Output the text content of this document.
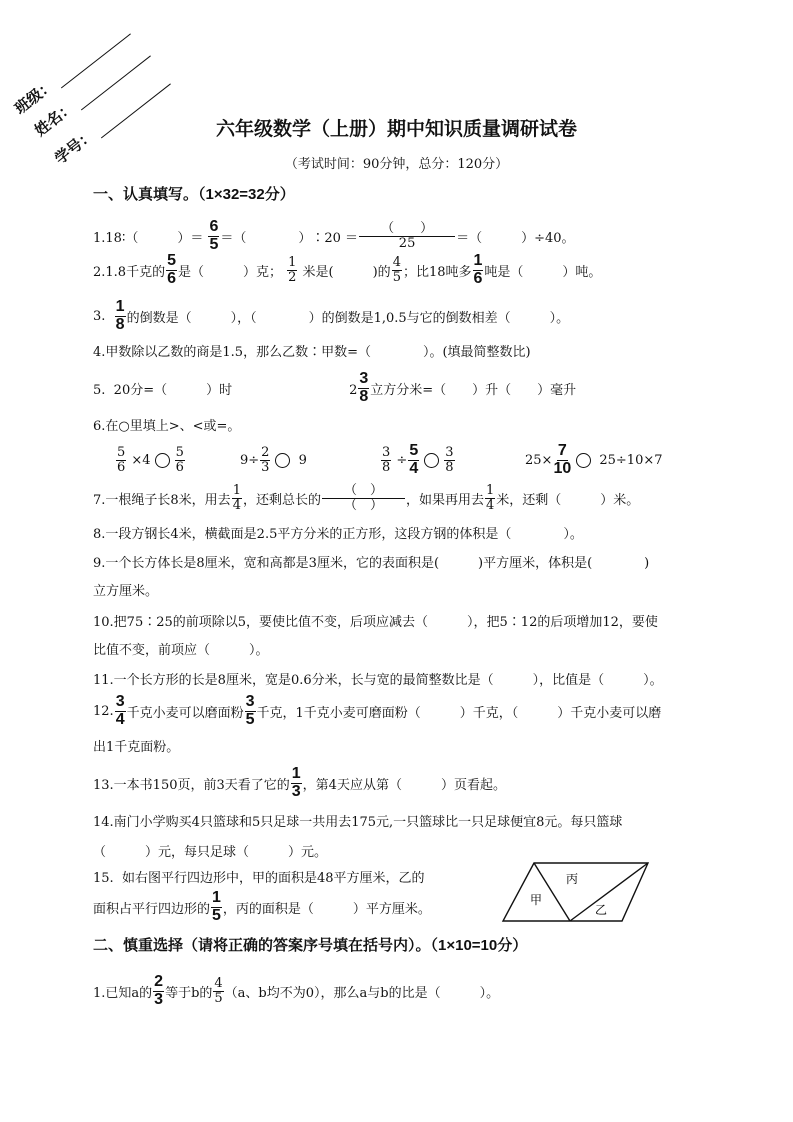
班级：
姓名：
学号：	六年级数学（上册）期中知识质量调研试卷
（考试时间：90分钟，总分：120分）
一、认真填写。（1×32=32分）
二、慎重选择（请将正确的答案序号填在括号内）。（1×10=10分）
1.18∶（　　　）＝ $\frac{6}{5}$ ＝（　　　　）∶20 ＝ $\frac{( )}{25}$ ＝（　　　）÷40。
2.1.8千克的 $\frac{5}{6}$ 是（　　　）克； $\frac{1}{2}$ 米是(　　　)的 $\frac{4}{5}$ ；比18吨多 $\frac{1}{6}$ 吨是（　　　）吨。
3. $\frac{1}{8}$ 的倒数是（　　　），（　　　　）的倒数是1,0.5与它的倒数相差（　　　）。
4.甲数除以乙数的商是1.5，那么乙数∶甲数=（　　　　）。(填最简整数比)
5.  20分=（　　　）时　　　　　　　　　$2 \frac{3}{8}$ 立方分米=（　　）升（　　）毫升
6.在○里填上>、<或=。
$\frac{5}{6} \times 4 \frac{5}{6}$	$9\div \frac{2}{3} 9$	$\frac{3}{8} \div \frac{5}{4} \frac{3}{8}$	$25\times \frac{7}{10} 25\div 10\times 7$
7.一根绳子长8米，用去 $\frac{1}{4}$ ，还剩总长的 $\frac{( )}{( )}$ ，如果再用去 $\frac{1}{4}$ 米，还剩（　　　）米。
8.一段方钢长4米，横截面是2.5平方分米的正方形，这段方钢的体积是（　　　　）。
9.一个长方体长是8厘米，宽和高都是3厘米，它的表面积是(　　　)平方厘米，体积是(　　　　)
立方厘米。
10.把75∶25的前项除以5，要使比值不变，后项应减去（　　　），把5∶12的后项增加12，要使
比值不变，前项应（　　　）。
11.一个长方形的长是8厘米，宽是0.6分米，长与宽的最简整数比是（　　　），比值是（　　　）。
12. $\frac{3}{4}$ 千克小麦可以磨面粉 $\frac{3}{5}$ 千克，1千克小麦可磨面粉（　　　）千克，（　　　）千克小麦可以磨
出1千克面粉。
13.一本书150页，前3天看了它的 $\frac{1}{3}$ ，第4天应从第（　　　）页看起。
14.南门小学购买4只篮球和5只足球一共用去175元,一只篮球比一只足球便宜8元。每只篮球
（　　　）元，每只足球（　　　）元。
15.  如右图平行四边形中，甲的面积是48平方厘米，乙的
面积占平行四边形的 $\frac{1}{5}$ ，丙的面积是（　　　）平方厘米。
1.已知a的 $\frac{2}{3}$ 等于b的 $\frac{4}{5} (a$、b均不为0），那么a与b的比是（　　　）。
丙
甲
乙
